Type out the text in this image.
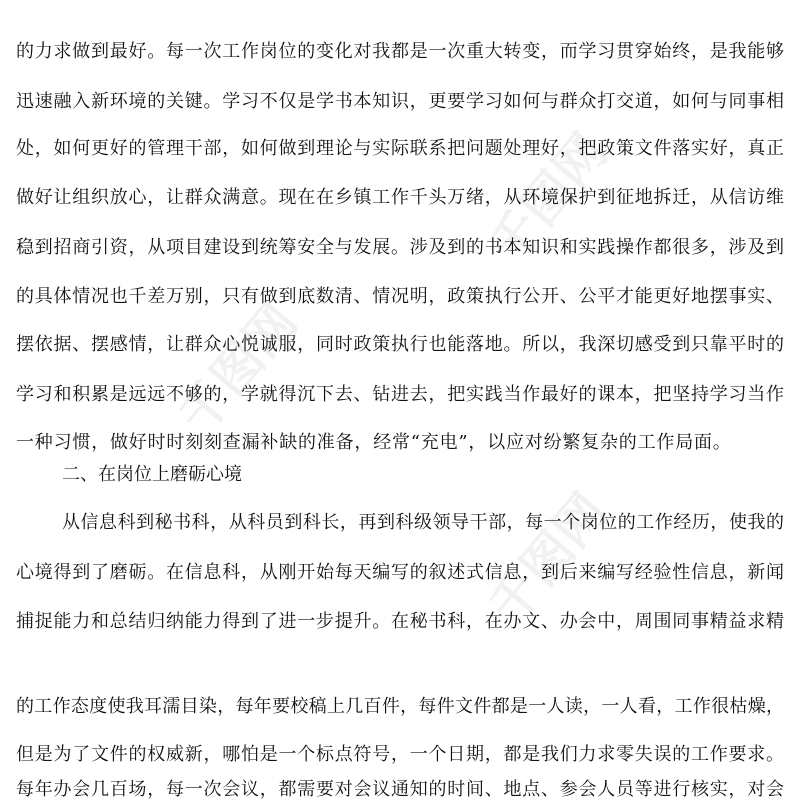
千图网
千图网
千图网
的力求做到最好。每一次工作岗位的变化对我都是一次重大转变，而学习贯穿始终，是我能够
迅速融入新环境的关键。学习不仅是学书本知识，更要学习如何与群众打交道，如何与同事相
处，如何更好的管理干部，如何做到理论与实际联系把问题处理好，把政策文件落实好，真正
做好让组织放心，让群众满意。现在在乡镇工作千头万绪，从环境保护到征地拆迁，从信访维
稳到招商引资，从项目建设到统筹安全与发展。涉及到的书本知识和实践操作都很多，涉及到
的具体情况也千差万别，只有做到底数清、情况明，政策执行公开、公平才能更好地摆事实、
摆依据、摆感情，让群众心悦诚服，同时政策执行也能落地。所以，我深切感受到只靠平时的
学习和积累是远远不够的，学就得沉下去、钻进去，把实践当作最好的课本，把坚持学习当作
一种习惯，做好时时刻刻查漏补缺的准备，经常“充电”，以应对纷繁复杂的工作局面。
二、在岗位上磨砺心境
从信息科到秘书科，从科员到科长，再到科级领导干部，每一个岗位的工作经历，使我的
心境得到了磨砺。在信息科，从刚开始每天编写的叙述式信息，到后来编写经验性信息，新闻
捕捉能力和总结归纳能力得到了进一步提升。在秘书科，在办文、办会中，周围同事精益求精
的工作态度使我耳濡目染，每年要校稿上几百件，每件文件都是一人读，一人看，工作很枯燥，
但是为了文件的权威新，哪怕是一个标点符号，一个日期，都是我们力求零失误的工作要求。
每年办会几百场，每一次会议，都需要对会议通知的时间、地点、参会人员等进行核实，对会
